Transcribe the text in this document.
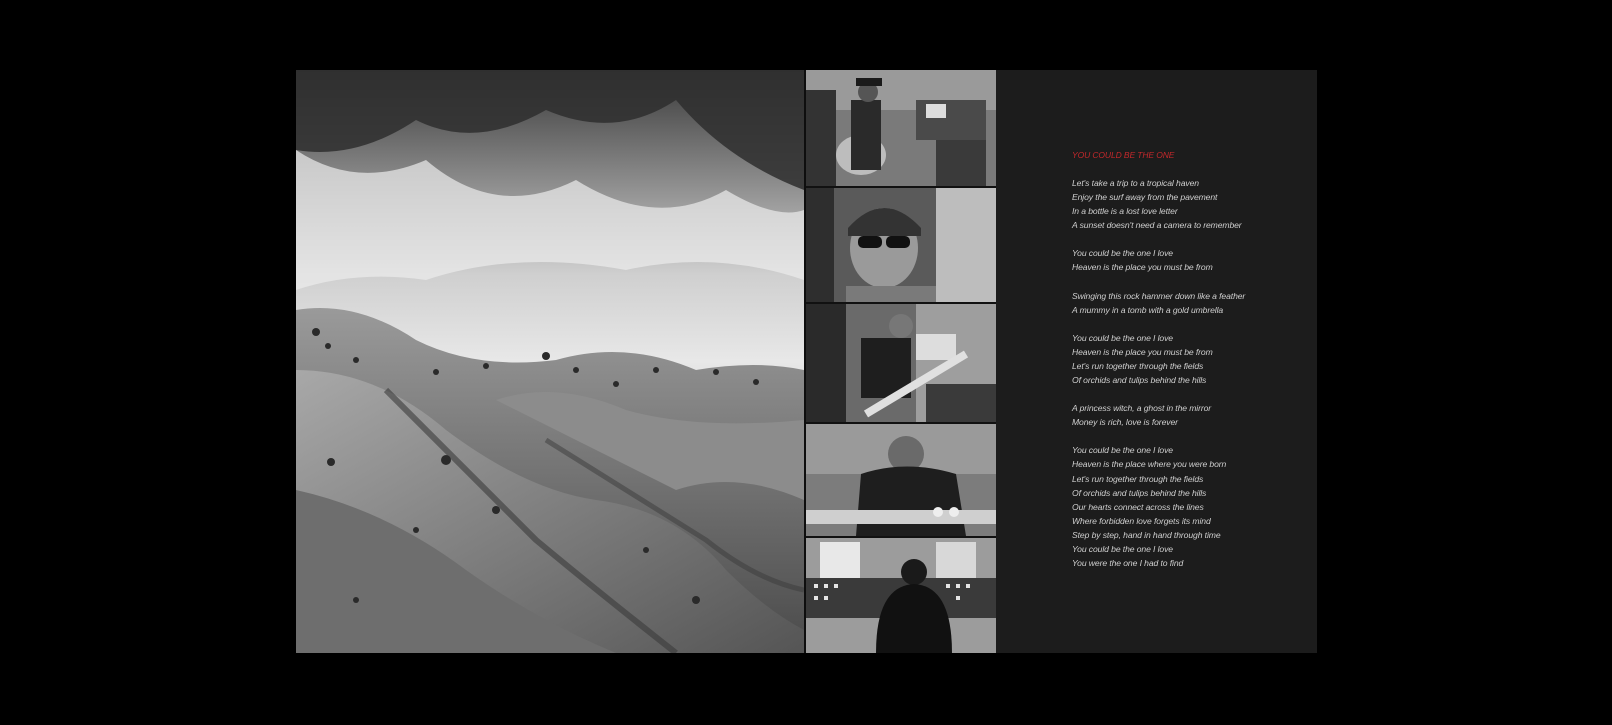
YOU COULD BE THE ONE
Let's take a trip to a tropical haven
Enjoy the surf away from the pavement
In a bottle is a lost love letter
A sunset doesn't need a camera to remember
You could be the one I love
Heaven is the place you must be from
Swinging this rock hammer down like a feather
A mummy in a tomb with a gold umbrella
You could be the one I love
Heaven is the place you must be from
Let's run together through the fields
Of orchids and tulips behind the hills
A princess witch, a ghost in the mirror
Money is rich, love is forever
You could be the one I love
Heaven is the place where you were born
Let's run together through the fields
Of orchids and tulips behind the hills
Our hearts connect across the lines
Where forbidden love forgets its mind
Step by step, hand in hand through time
You could be the one I love
You were the one I had to find
